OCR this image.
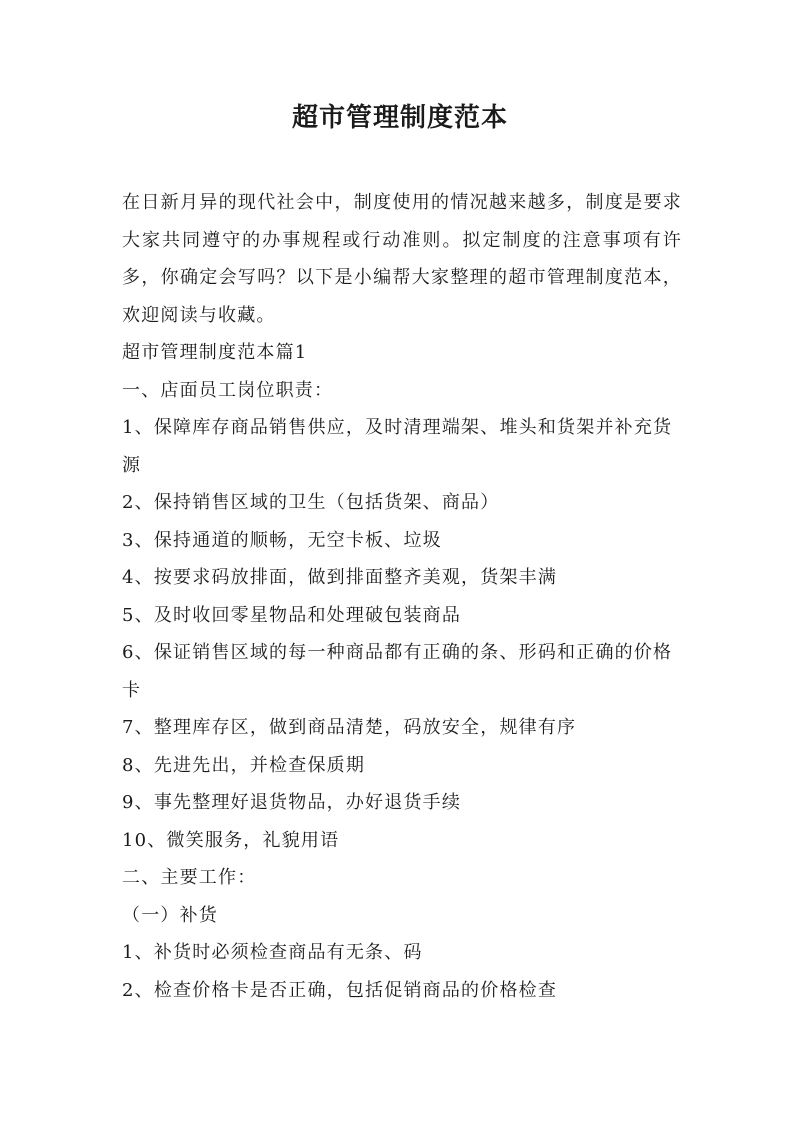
超市管理制度范本

在日新月异的现代社会中，制度使用的情况越来越多，制度是要求大家共同遵守的办事规程或行动准则。拟定制度的注意事项有许多，你确定会写吗？以下是小编帮大家整理的超市管理制度范本，欢迎阅读与收藏。

超市管理制度范本篇1

一、店面员工岗位职责：

1、保障库存商品销售供应，及时清理端架、堆头和货架并补充货源

2、保持销售区域的卫生（包括货架、商品）

3、保持通道的顺畅，无空卡板、垃圾

4、按要求码放排面，做到排面整齐美观，货架丰满

5、及时收回零星物品和处理破包装商品

6、保证销售区域的每一种商品都有正确的条、形码和正确的价格卡

7、整理库存区，做到商品清楚，码放安全，规律有序

8、先进先出，并检查保质期

9、事先整理好退货物品，办好退货手续

10、微笑服务，礼貌用语

二、主要工作：

（一）补货

1、补货时必须检查商品有无条、码

2、检查价格卡是否正确，包括促销商品的价格检查
